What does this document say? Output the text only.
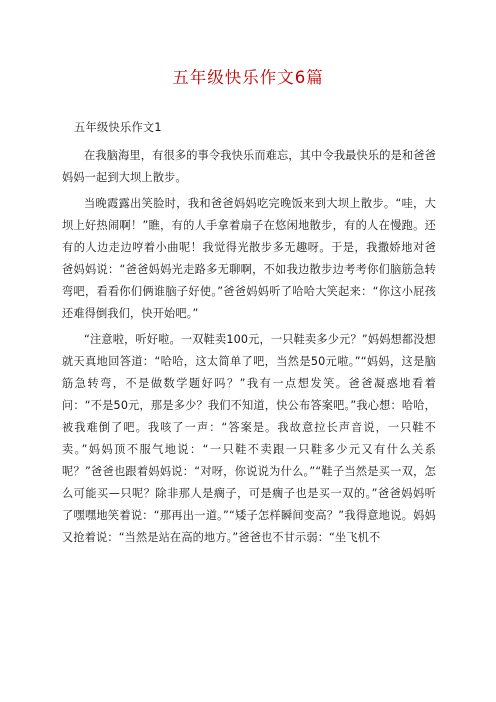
五年级快乐作文6篇

五年级快乐作文1

在我脑海里，有很多的事令我快乐而难忘，其中令我最快乐的是和爸爸妈妈一起到大坝上散步。

当晚霞露出笑脸时，我和爸爸妈妈吃完晚饭来到大坝上散步。“哇，大坝上好热闹啊！”瞧，有的人手拿着扇子在悠闲地散步，有的人在慢跑。还有的人边走边哼着小曲呢！我觉得光散步多无趣呀。于是，我撒娇地对爸爸妈妈说：“爸爸妈妈光走路多无聊啊，不如我边散步边考考你们脑筋急转弯吧，看看你们俩谁脑子好使。”爸爸妈妈听了哈哈大笑起来：“你这小屁孩还难得倒我们，快开始吧。”

“注意啦，听好啦。一双鞋卖100元，一只鞋卖多少元？”妈妈想都没想就天真地回答道：“哈哈，这太简单了吧，当然是50元啦。”“妈妈，这是脑筋急转弯，不是做数学题好吗？”我有一点想发笑。爸爸凝惑地看着问：“不是50元，那是多少？我们不知道，快公布答案吧。”我心想：哈哈，被我难倒了吧。我咳了一声：“答案是。我故意拉长声音说，一只鞋不卖。”妈妈顶不服气地说：“一只鞋不卖跟一只鞋多少元又有什么关系呢？”爸爸也跟着妈妈说：“对呀，你说说为什么。”“鞋子当然是买一双，怎么可能买—只呢？除非那人是瘸子，可是瘸子也是买一双的。”爸爸妈妈听了嘿嘿地笑着说：“那再出一道。”“矮子怎样瞬间变高？”我得意地说。妈妈又抢着说：“当然是站在高的地方。”爸爸也不甘示弱：“坐飞机不
